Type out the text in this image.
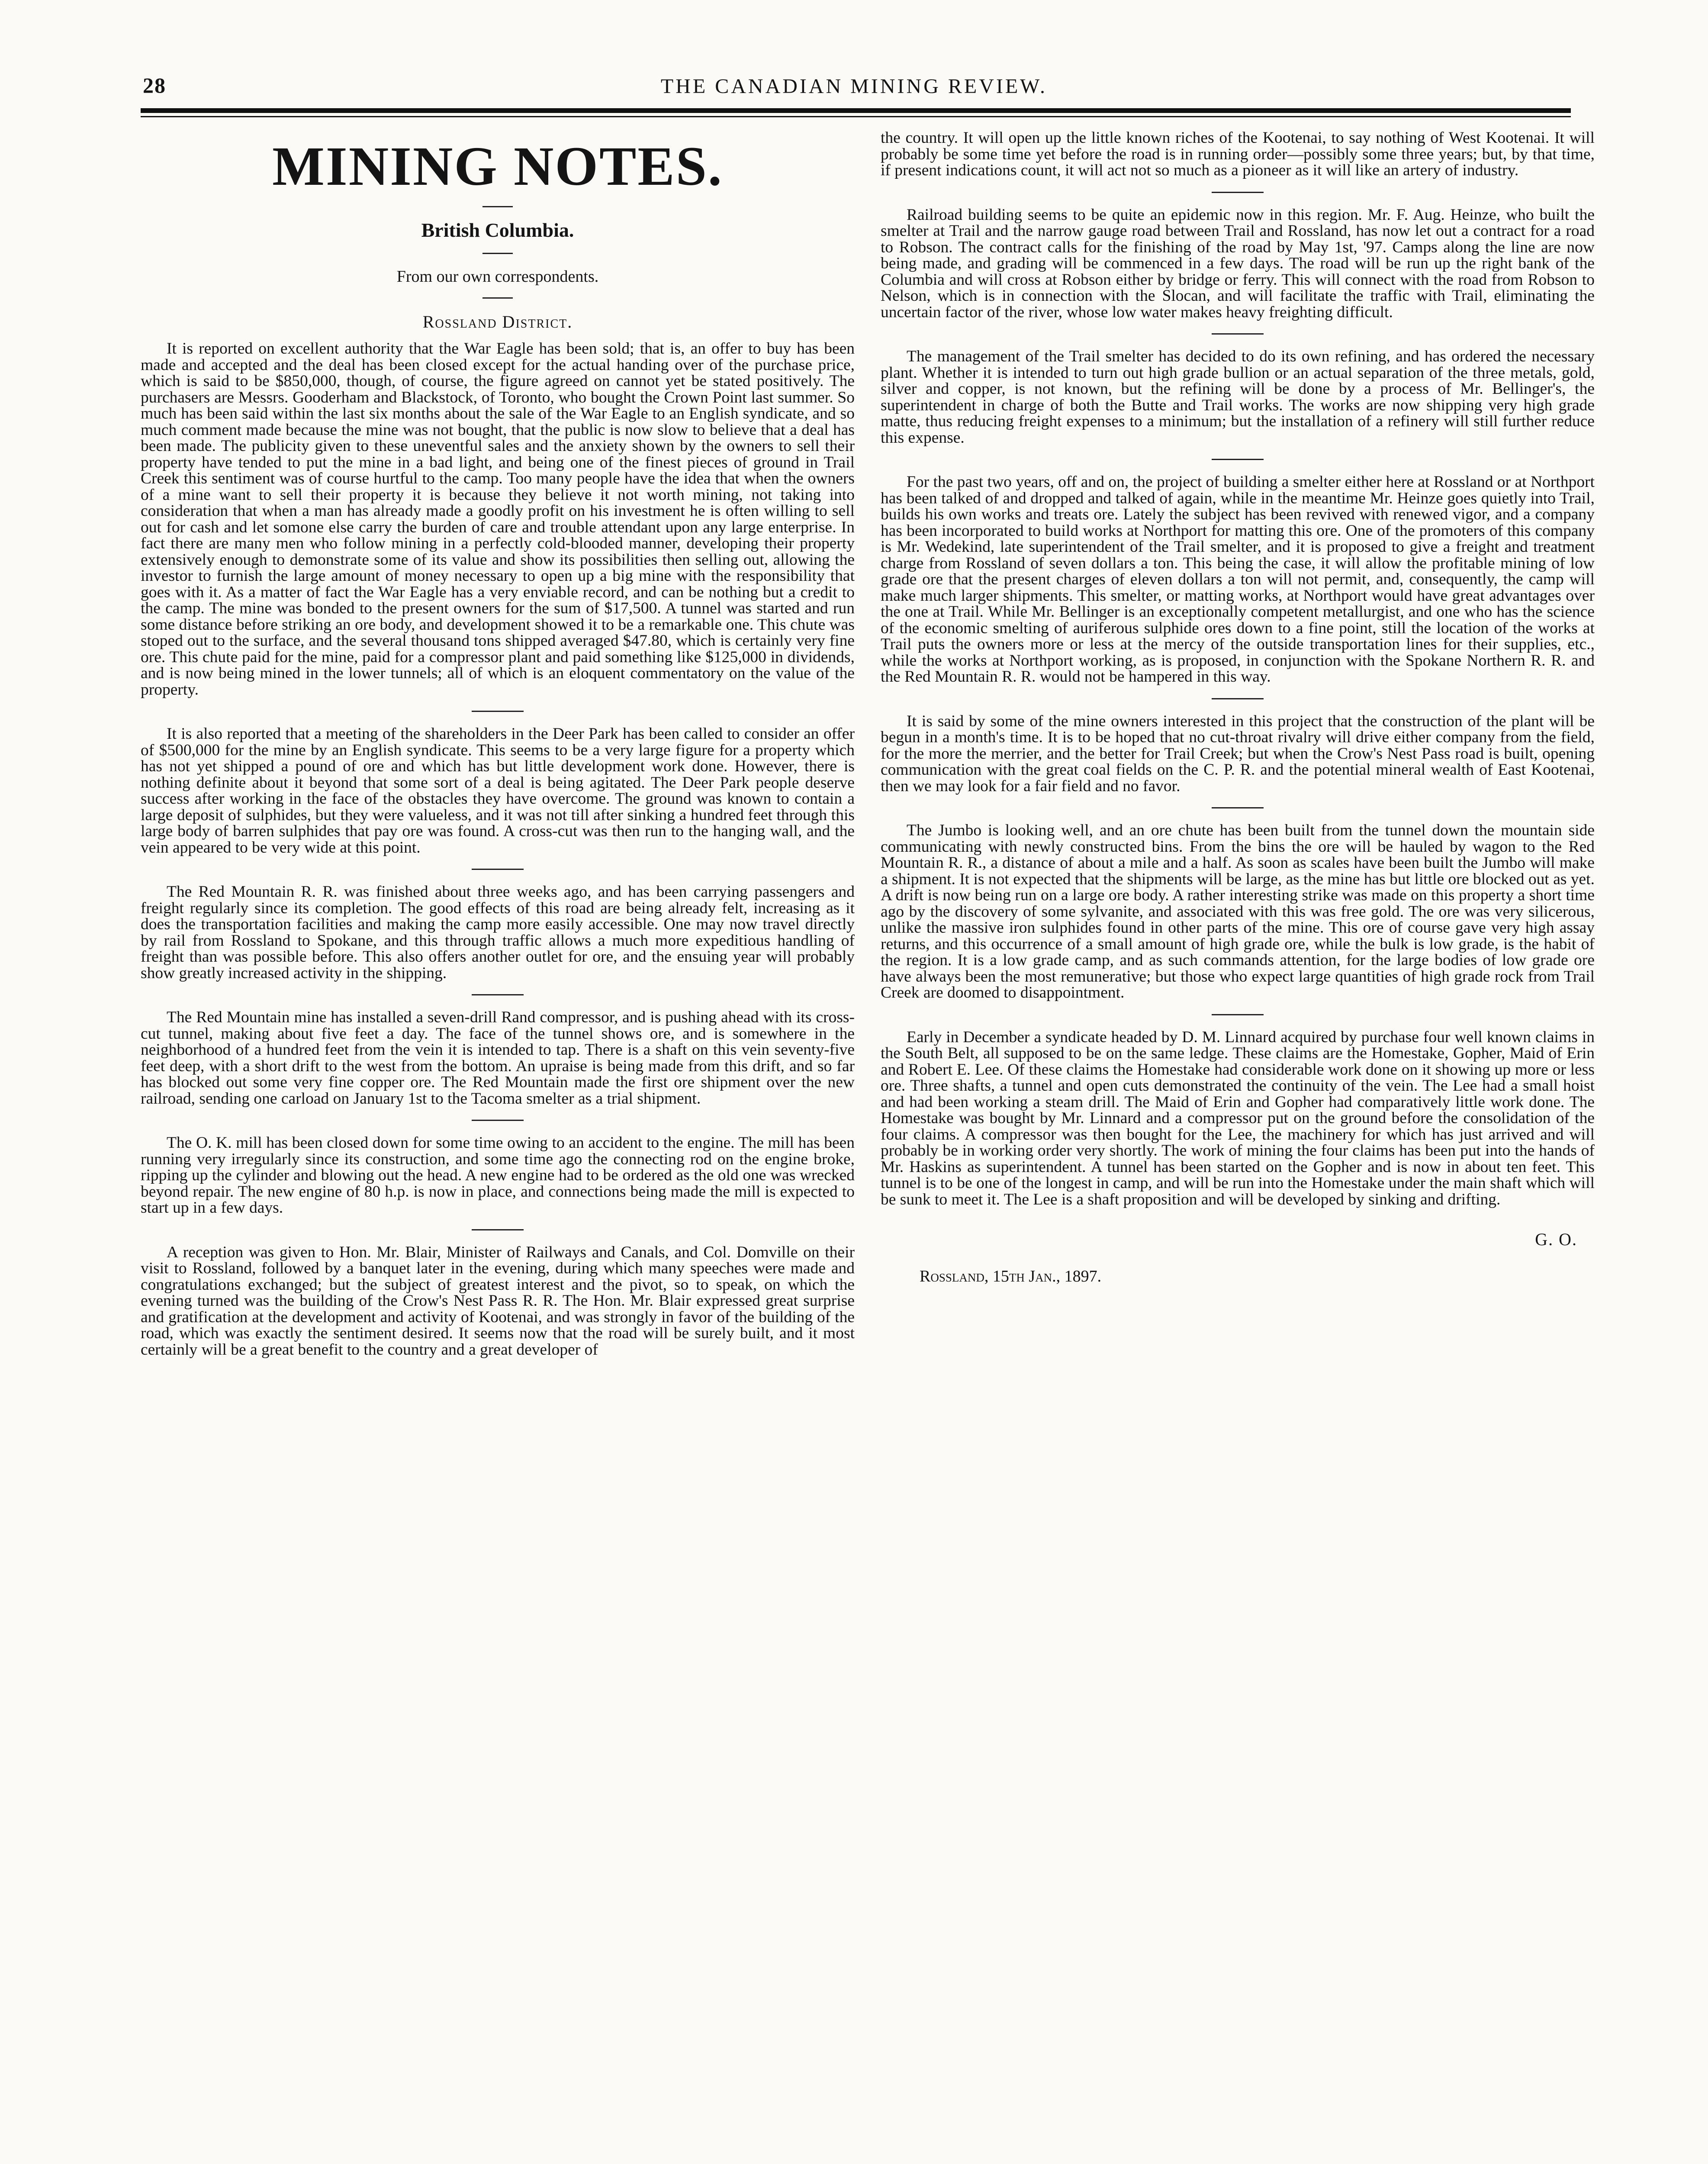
28	THE CANADIAN MINING REVIEW.
MINING NOTES.
British Columbia.
From our own correspondents.
Rossland District.

It is reported on excellent authority that the War Eagle has been sold; that is, an offer to buy has been made and accepted and the deal has been closed except for the actual handing over of the purchase price, which is said to be $850,000, though, of course, the figure agreed on cannot yet be stated positively. The purchasers are Messrs. Gooderham and Blackstock, of Toronto, who bought the Crown Point last summer. So much has been said within the last six months about the sale of the War Eagle to an English syndicate, and so much comment made because the mine was not bought, that the public is now slow to believe that a deal has been made. The publicity given to these uneventful sales and the anxiety shown by the owners to sell their property have tended to put the mine in a bad light, and being one of the finest pieces of ground in Trail Creek this sentiment was of course hurtful to the camp. Too many people have the idea that when the owners of a mine want to sell their property it is because they believe it not worth mining, not taking into consideration that when a man has already made a goodly profit on his investment he is often willing to sell out for cash and let somone else carry the burden of care and trouble attendant upon any large enterprise. In fact there are many men who follow mining in a perfectly cold-blooded manner, developing their property extensively enough to demonstrate some of its value and show its possibilities then selling out, allowing the investor to furnish the large amount of money necessary to open up a big mine with the responsibility that goes with it. As a matter of fact the War Eagle has a very enviable record, and can be nothing but a credit to the camp. The mine was bonded to the present owners for the sum of $17,500. A tunnel was started and run some distance before striking an ore body, and development showed it to be a remarkable one. This chute was stoped out to the surface, and the several thousand tons shipped averaged $47.80, which is certainly very fine ore. This chute paid for the mine, paid for a compressor plant and paid something like $125,000 in dividends, and is now being mined in the lower tunnels; all of which is an eloquent commentatory on the value of the property.

It is also reported that a meeting of the shareholders in the Deer Park has been called to consider an offer of $500,000 for the mine by an English syndicate. This seems to be a very large figure for a property which has not yet shipped a pound of ore and which has but little development work done. However, there is nothing definite about it beyond that some sort of a deal is being agitated. The Deer Park people deserve success after working in the face of the obstacles they have overcome. The ground was known to contain a large deposit of sulphides, but they were valueless, and it was not till after sinking a hundred feet through this large body of barren sulphides that pay ore was found. A cross-cut was then run to the hanging wall, and the vein appeared to be very wide at this point.

The Red Mountain R. R. was finished about three weeks ago, and has been carrying passengers and freight regularly since its completion. The good effects of this road are being already felt, increasing as it does the transportation facilities and making the camp more easily accessible. One may now travel directly by rail from Rossland to Spokane, and this through traffic allows a much more expeditious handling of freight than was possible before. This also offers another outlet for ore, and the ensuing year will probably show greatly increased activity in the shipping.

The Red Mountain mine has installed a seven-drill Rand compressor, and is pushing ahead with its cross-cut tunnel, making about five feet a day. The face of the tunnel shows ore, and is somewhere in the neighborhood of a hundred feet from the vein it is intended to tap. There is a shaft on this vein seventy-five feet deep, with a short drift to the west from the bottom. An upraise is being made from this drift, and so far has blocked out some very fine copper ore. The Red Mountain made the first ore shipment over the new railroad, sending one carload on January 1st to the Tacoma smelter as a trial shipment.

The O. K. mill has been closed down for some time owing to an accident to the engine. The mill has been running very irregularly since its construction, and some time ago the connecting rod on the engine broke, ripping up the cylinder and blowing out the head. A new engine had to be ordered as the old one was wrecked beyond repair. The new engine of 80 h.p. is now in place, and connections being made the mill is expected to start up in a few days.

A reception was given to Hon. Mr. Blair, Minister of Railways and Canals, and Col. Domville on their visit to Rossland, followed by a banquet later in the evening, during which many speeches were made and congratulations exchanged; but the subject of greatest interest and the pivot, so to speak, on which the evening turned was the building of the Crow's Nest Pass R. R. The Hon. Mr. Blair expressed great surprise and gratification at the development and activity of Kootenai, and was strongly in favor of the building of the road, which was exactly the sentiment desired. It seems now that the road will be surely built, and it most certainly will be a great benefit to the country and a great developer of

the country. It will open up the little known riches of the Kootenai, to say nothing of West Kootenai. It will probably be some time yet before the road is in running order—possibly some three years; but, by that time, if present indications count, it will act not so much as a pioneer as it will like an artery of industry.

Railroad building seems to be quite an epidemic now in this region. Mr. F. Aug. Heinze, who built the smelter at Trail and the narrow gauge road between Trail and Rossland, has now let out a contract for a road to Robson. The contract calls for the finishing of the road by May 1st, '97. Camps along the line are now being made, and grading will be commenced in a few days. The road will be run up the right bank of the Columbia and will cross at Robson either by bridge or ferry. This will connect with the road from Robson to Nelson, which is in connection with the Slocan, and will facilitate the traffic with Trail, eliminating the uncertain factor of the river, whose low water makes heavy freighting difficult.

The management of the Trail smelter has decided to do its own refining, and has ordered the necessary plant. Whether it is intended to turn out high grade bullion or an actual separation of the three metals, gold, silver and copper, is not known, but the refining will be done by a process of Mr. Bellinger's, the superintendent in charge of both the Butte and Trail works. The works are now shipping very high grade matte, thus reducing freight expenses to a minimum; but the installation of a refinery will still further reduce this expense.

For the past two years, off and on, the project of building a smelter either here at Rossland or at Northport has been talked of and dropped and talked of again, while in the meantime Mr. Heinze goes quietly into Trail, builds his own works and treats ore. Lately the subject has been revived with renewed vigor, and a company has been incorporated to build works at Northport for matting this ore. One of the promoters of this company is Mr. Wedekind, late superintendent of the Trail smelter, and it is proposed to give a freight and treatment charge from Rossland of seven dollars a ton. This being the case, it will allow the profitable mining of low grade ore that the present charges of eleven dollars a ton will not permit, and, consequently, the camp will make much larger shipments. This smelter, or matting works, at Northport would have great advantages over the one at Trail. While Mr. Bellinger is an exceptionally competent metallurgist, and one who has the science of the economic smelting of auriferous sulphide ores down to a fine point, still the location of the works at Trail puts the owners more or less at the mercy of the outside transportation lines for their supplies, etc., while the works at Northport working, as is proposed, in conjunction with the Spokane Northern R. R. and the Red Mountain R. R. would not be hampered in this way.

It is said by some of the mine owners interested in this project that the construction of the plant will be begun in a month's time. It is to be hoped that no cut-throat rivalry will drive either company from the field, for the more the merrier, and the better for Trail Creek; but when the Crow's Nest Pass road is built, opening communication with the great coal fields on the C. P. R. and the potential mineral wealth of East Kootenai, then we may look for a fair field and no favor.

The Jumbo is looking well, and an ore chute has been built from the tunnel down the mountain side communicating with newly constructed bins. From the bins the ore will be hauled by wagon to the Red Mountain R. R., a distance of about a mile and a half. As soon as scales have been built the Jumbo will make a shipment. It is not expected that the shipments will be large, as the mine has but little ore blocked out as yet. A drift is now being run on a large ore body. A rather interesting strike was made on this property a short time ago by the discovery of some sylvanite, and associated with this was free gold. The ore was very silicerous, unlike the massive iron sulphides found in other parts of the mine. This ore of course gave very high assay returns, and this occurrence of a small amount of high grade ore, while the bulk is low grade, is the habit of the region. It is a low grade camp, and as such commands attention, for the large bodies of low grade ore have always been the most remunerative; but those who expect large quantities of high grade rock from Trail Creek are doomed to disappointment.

Early in December a syndicate headed by D. M. Linnard acquired by purchase four well known claims in the South Belt, all supposed to be on the same ledge. These claims are the Homestake, Gopher, Maid of Erin and Robert E. Lee. Of these claims the Homestake had considerable work done on it showing up more or less ore. Three shafts, a tunnel and open cuts demonstrated the continuity of the vein. The Lee had a small hoist and had been working a steam drill. The Maid of Erin and Gopher had comparatively little work done. The Homestake was bought by Mr. Linnard and a compressor put on the ground before the consolidation of the four claims. A compressor was then bought for the Lee, the machinery for which has just arrived and will probably be in working order very shortly. The work of mining the four claims has been put into the hands of Mr. Haskins as superintendent. A tunnel has been started on the Gopher and is now in about ten feet. This tunnel is to be one of the longest in camp, and will be run into the Homestake under the main shaft which will be sunk to meet it. The Lee is a shaft proposition and will be developed by sinking and drifting.

G. O.
Rossland, 15th Jan., 1897.
